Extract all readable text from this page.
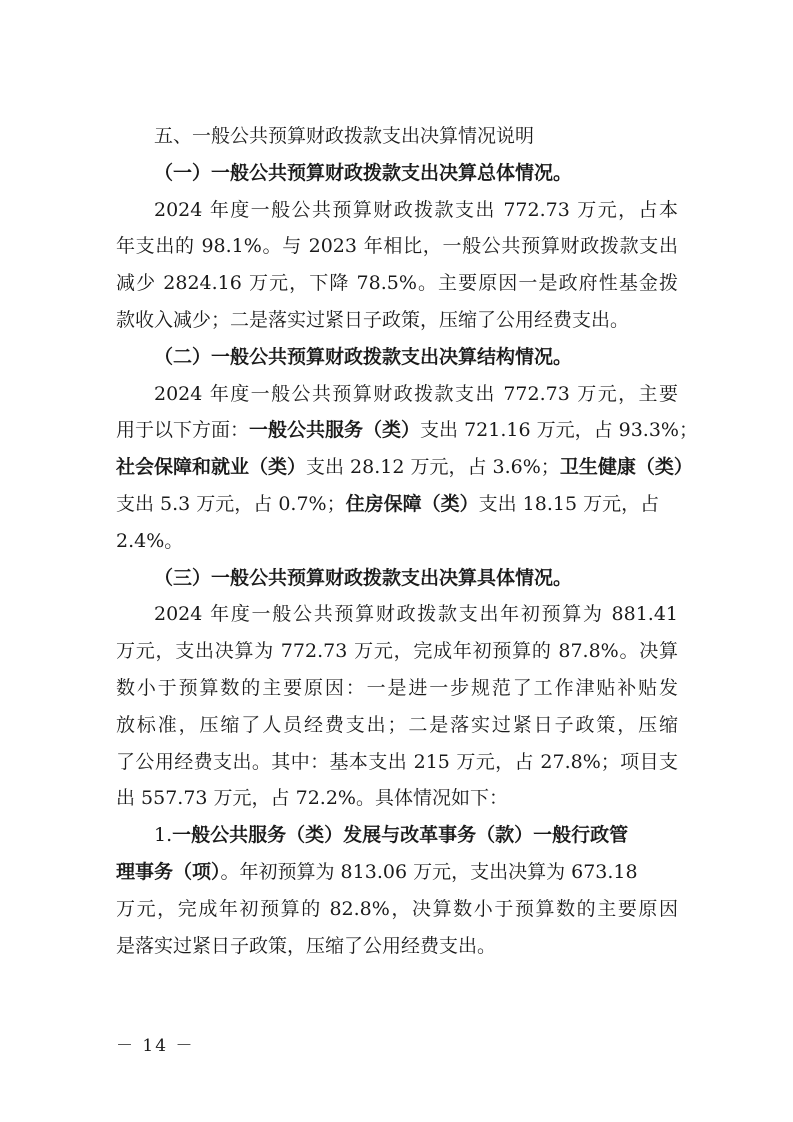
五、一般公共预算财政拨款支出决算情况说明

（一）一般公共预算财政拨款支出决算总体情况。

2024 年度一般公共预算财政拨款支出 772.73 万元，占本

年支出的 98.1%。与 2023 年相比，一般公共预算财政拨款支出

减少 2824.16 万元，下降 78.5%。主要原因一是政府性基金拨

款收入减少；二是落实过紧日子政策，压缩了公用经费支出。

（二）一般公共预算财政拨款支出决算结构情况。

2024 年度一般公共预算财政拨款支出 772.73 万元，主要

用于以下方面：一般公共服务（类）支出 721.16 万元，占 93.3%；

社会保障和就业（类）支出 28.12 万元，占 3.6%；卫生健康（类）

支出 5.3 万元，占 0.7%；住房保障（类）支出 18.15 万元，占

2.4%。

（三）一般公共预算财政拨款支出决算具体情况。

2024 年度一般公共预算财政拨款支出年初预算为 881.41

万元，支出决算为 772.73 万元，完成年初预算的 87.8%。决算

数小于预算数的主要原因：一是进一步规范了工作津贴补贴发

放标准，压缩了人员经费支出；二是落实过紧日子政策，压缩

了公用经费支出。其中：基本支出 215 万元，占 27.8%；项目支

出 557.73 万元，占 72.2%。具体情况如下：

1.一般公共服务（类）发展与改革事务（款）一般行政管

理事务（项）。年初预算为 813.06 万元，支出决算为 673.18

万元，完成年初预算的 82.8%，决算数小于预算数的主要原因

是落实过紧日子政策，压缩了公用经费支出。

－ 14 －
